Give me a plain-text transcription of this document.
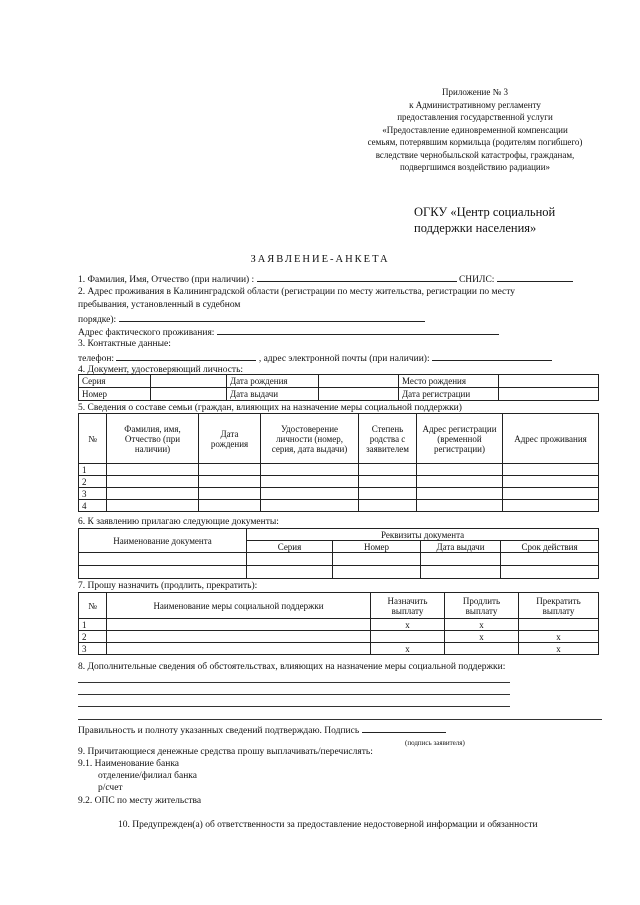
Приложение № 3
к Административному регламенту
предоставления государственной услуги
«Предоставление единовременной компенсации
семьям, потерявшим кормильца (родителям погибшего)
вследствие чернобыльской катастрофы, гражданам,
подвергшимся воздействию радиации»
ОГКУ «Центр социальной
поддержки населения»
ЗАЯВЛЕНИЕ-АНКЕТА
1. Фамилия, Имя, Отчество (при наличии) :	СНИЛС:
2. Адрес проживания в Калининградской области (регистрации по месту жительства, регистрации по месту
пребывания, установленный в судебном
порядке):
Адрес фактического проживания:
3. Контактные данные:
телефон:	, адрес электронной почты (при наличии):
4. Документ, удостоверяющий личность:
Серия		Дата рождения		Место рождения	
Номер		Дата выдачи		Дата регистрации	
5. Сведения о составе семьи (граждан, влияющих на назначение меры социальной поддержки)
№	Фамилия, имя, Отчество (при наличии)	Дата рождения	Удостоверение личности (номер, серия, дата выдачи)	Степень родства с заявителем	Адрес регистрации (временной регистрации)	Адрес проживания
1						
2						
3						
4						
6. К заявлению прилагаю следующие документы:
Наименование документа	Реквизиты документа			
	Серия	Номер	Дата выдачи	Срок действия

7. Прошу назначить (продлить, прекратить):
№	Наименование меры социальной поддержки	Назначить выплату	Продлить выплату	Прекратить выплату
1		х	х	
2			х	х
3		х		х
8. Дополнительные сведения об обстоятельствах, влияющих на назначение меры социальной поддержки:
Правильность и полноту указанных сведений подтверждаю. Подпись
(подпись заявителя)
9. Причитающиеся денежные средства прошу выплачивать/перечислять:
9.1. Наименование банка
отделение/филиал банка
р/счет
9.2. ОПС по месту жительства
10. Предупрежден(а) об ответственности за предоставление недостоверной информации и обязанности
